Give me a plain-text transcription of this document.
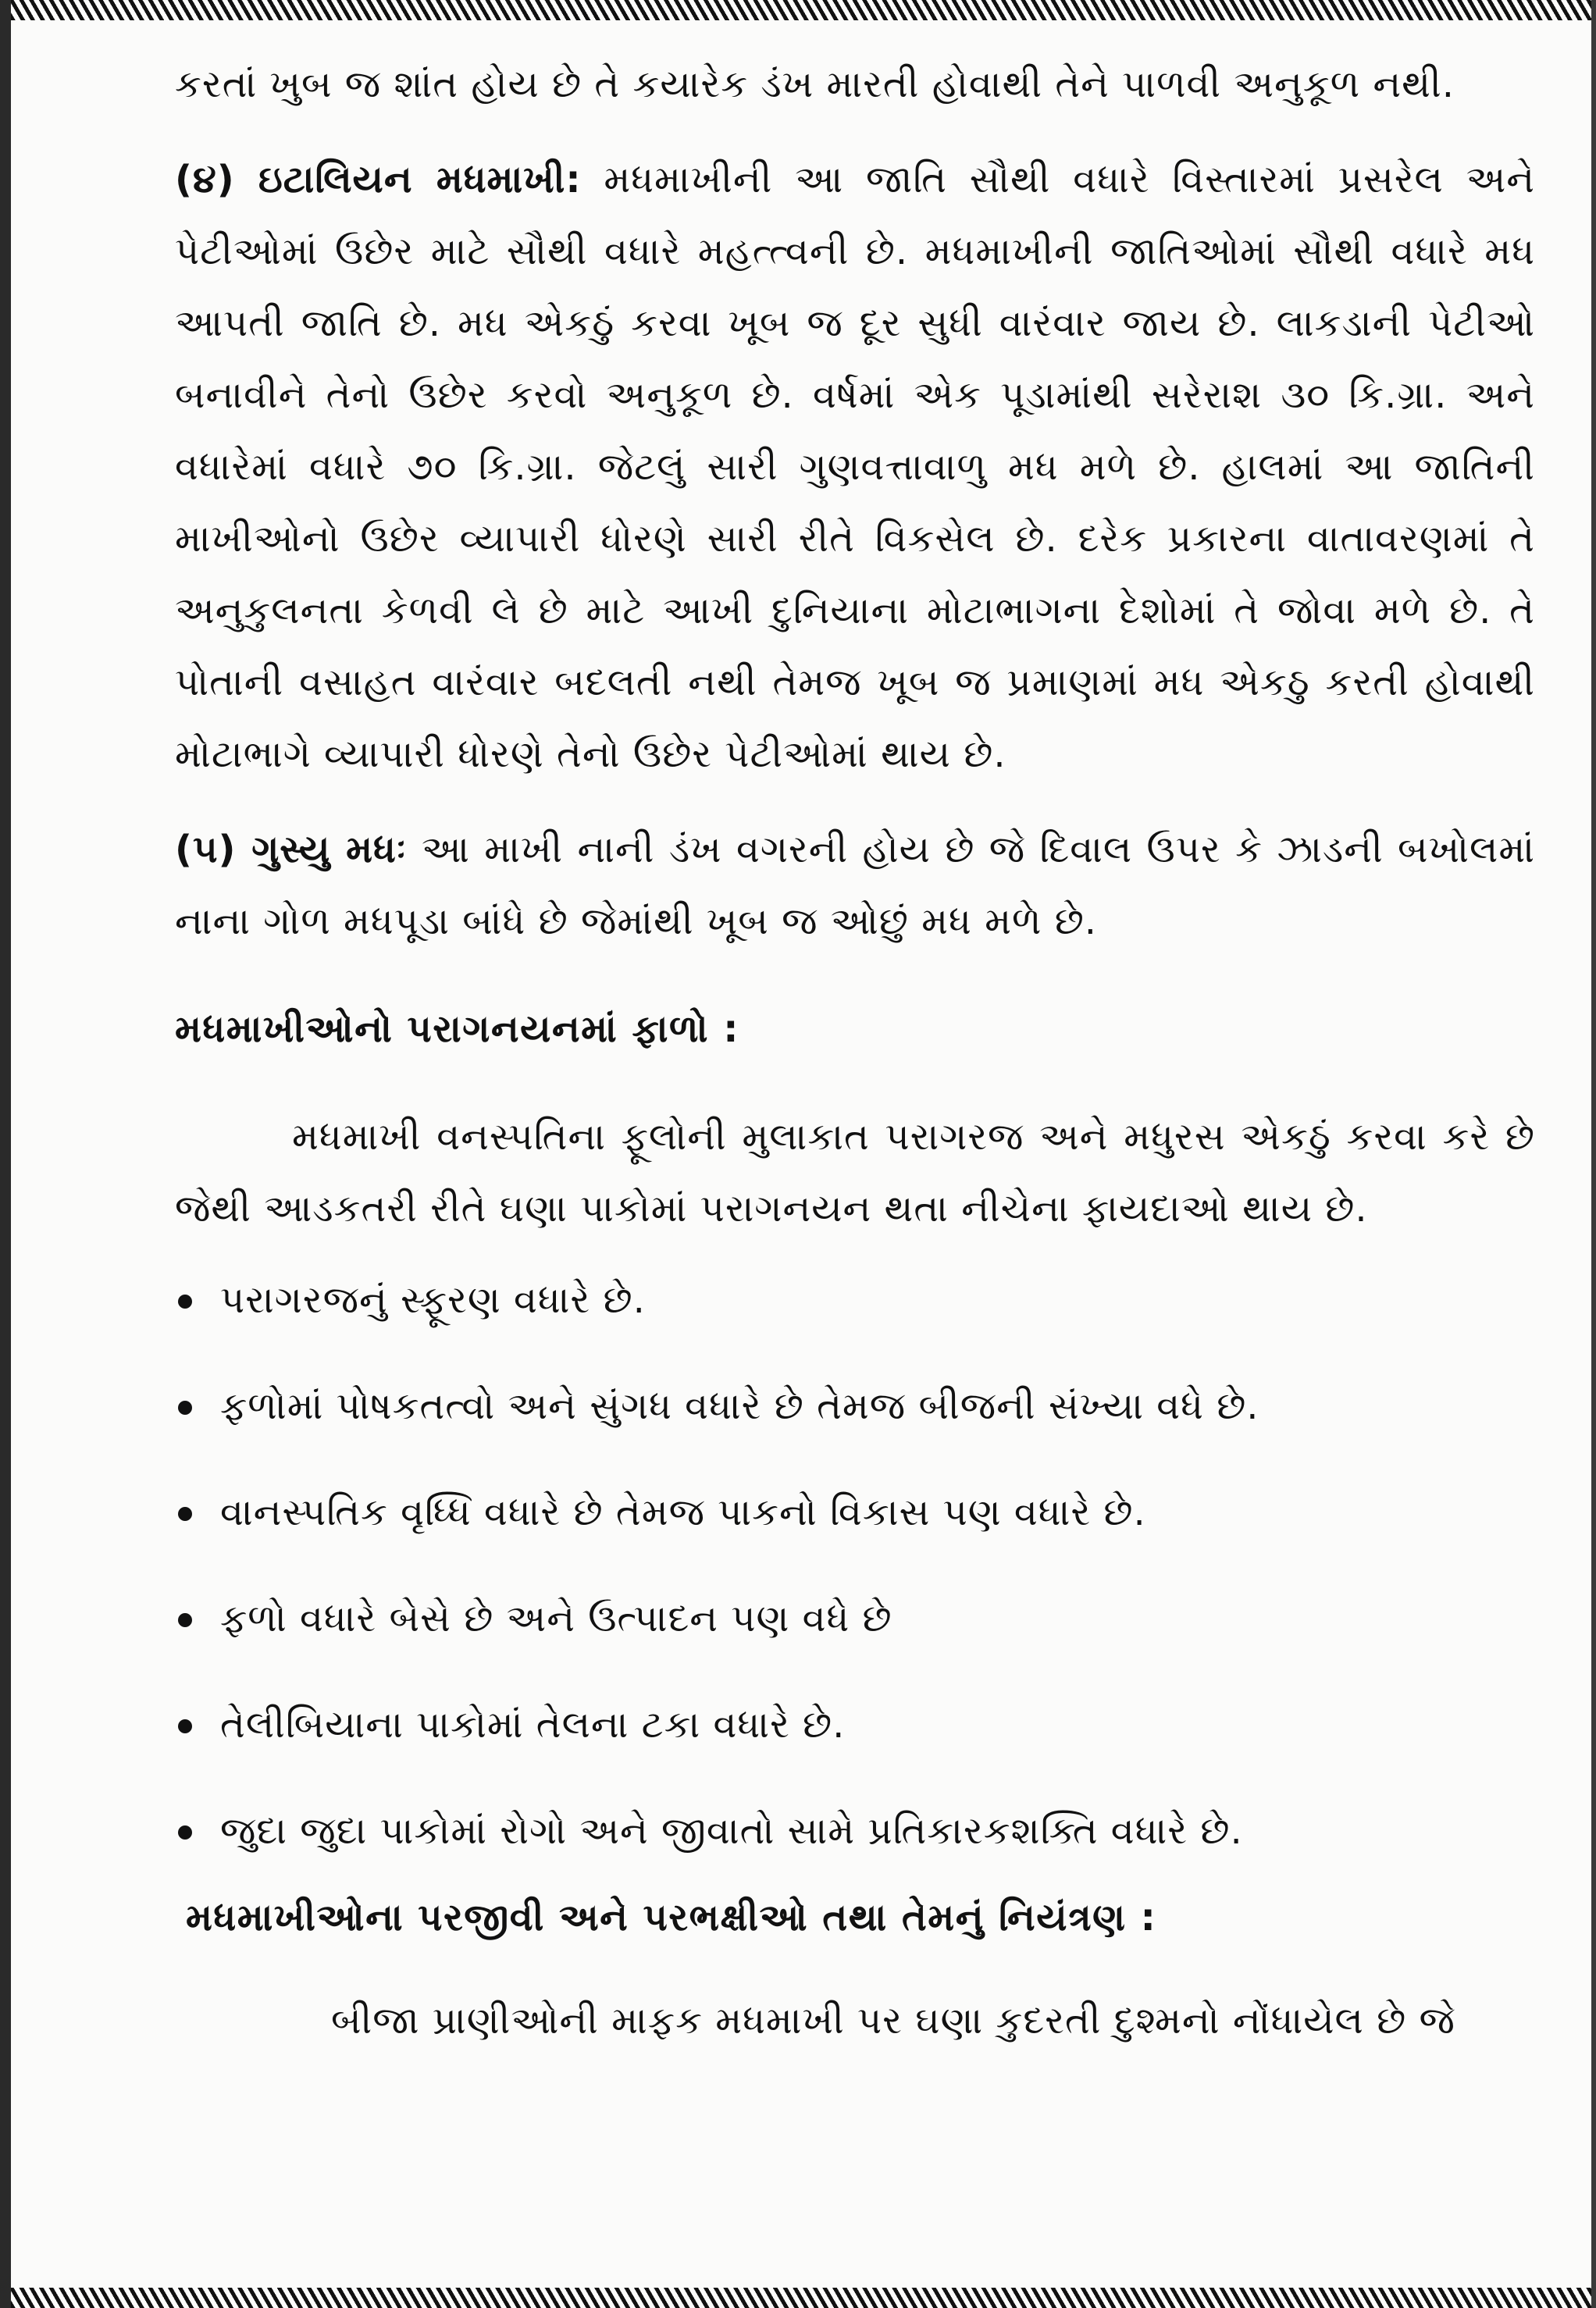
કરતાં ખુબ જ શાંત હોય છે તે કયારેક ડંખ મારતી હોવાથી તેને પાળવી અનુકૂળ નથી.

(૪) ઇટાલિયન મધમાખી: મધમાખીની આ જાતિ સૌથી વધારે વિસ્તારમાં પ્રસરેલ અને પેટીઓમાં ઉછેર માટે સૌથી વધારે મહત્ત્વની છે. મધમાખીની જાતિઓમાં સૌથી વધારે મધ આપતી જાતિ છે. મધ એકઠું કરવા ખૂબ જ દૂર સુધી વારંવાર જાય છે. લાકડાની પેટીઓ બનાવીને તેનો ઉછેર કરવો અનુકૂળ છે. વર્ષમાં એક પૂડામાંથી સરેરાશ ૩૦ કિ.ગ્રા. અને વધારેમાં વધારે ૭૦ કિ.ગ્રા. જેટલું સારી ગુણવત્તાવાળુ મધ મળે છે. હાલમાં આ જાતિની માખીઓનો ઉછેર વ્યાપારી ધોરણે સારી રીતે વિકસેલ છે. દરેક પ્રકારના વાતાવરણમાં તે અનુકુલનતા કેળવી લે છે માટે આખી દુનિયાના મોટાભાગના દેશોમાં તે જોવા મળે છે. તે પોતાની વસાહત વારંવાર બદલતી નથી તેમજ ખૂબ જ પ્રમાણમાં મધ એકઠુ કરતી હોવાથી મોટાભાગે વ્યાપારી ધોરણે તેનો ઉછેર પેટીઓમાં થાય છે.

(૫) ગુસ્યુ મધઃ આ માખી નાની ડંખ વગરની હોય છે જે દિવાલ ઉપર કે ઝાડની બખોલમાં નાના ગોળ મધપૂડા બાંધે છે જેમાંથી ખૂબ જ ઓછું મધ મળે છે.

મધમાખીઓનો પરાગનયનમાં ફાળો :

મધમાખી વનસ્પતિના ફૂલોની મુલાકાત પરાગરજ અને મધુરસ એકઠું કરવા કરે છે જેથી આડકતરી રીતે ઘણા પાકોમાં પરાગનયન થતા નીચેના ફાયદાઓ થાય છે.

પરાગરજનું સ્ફૂરણ વધારે છે.
ફળોમાં પોષકતત્વો અને સુંગધ વધારે છે તેમજ બીજની સંખ્યા વધે છે.
વાનસ્પતિક વૃધ્ધિ વધારે છે તેમજ પાકનો વિકાસ પણ વધારે છે.
ફળો વધારે બેસે છે અને ઉત્પાદન પણ વધે છે
તેલીબિયાના પાકોમાં તેલના ટકા વધારે છે.
જુદા જુદા પાકોમાં રોગો અને જીવાતો સામે પ્રતિકારકશક્તિ વધારે છે.
મધમાખીઓના પરજીવી અને પરભક્ષીઓ તથા તેમનું નિયંત્રણ :

બીજા પ્રાણીઓની માફક મધમાખી પર ઘણા કુદરતી દુશ્મનો નોંધાયેલ છે જે
